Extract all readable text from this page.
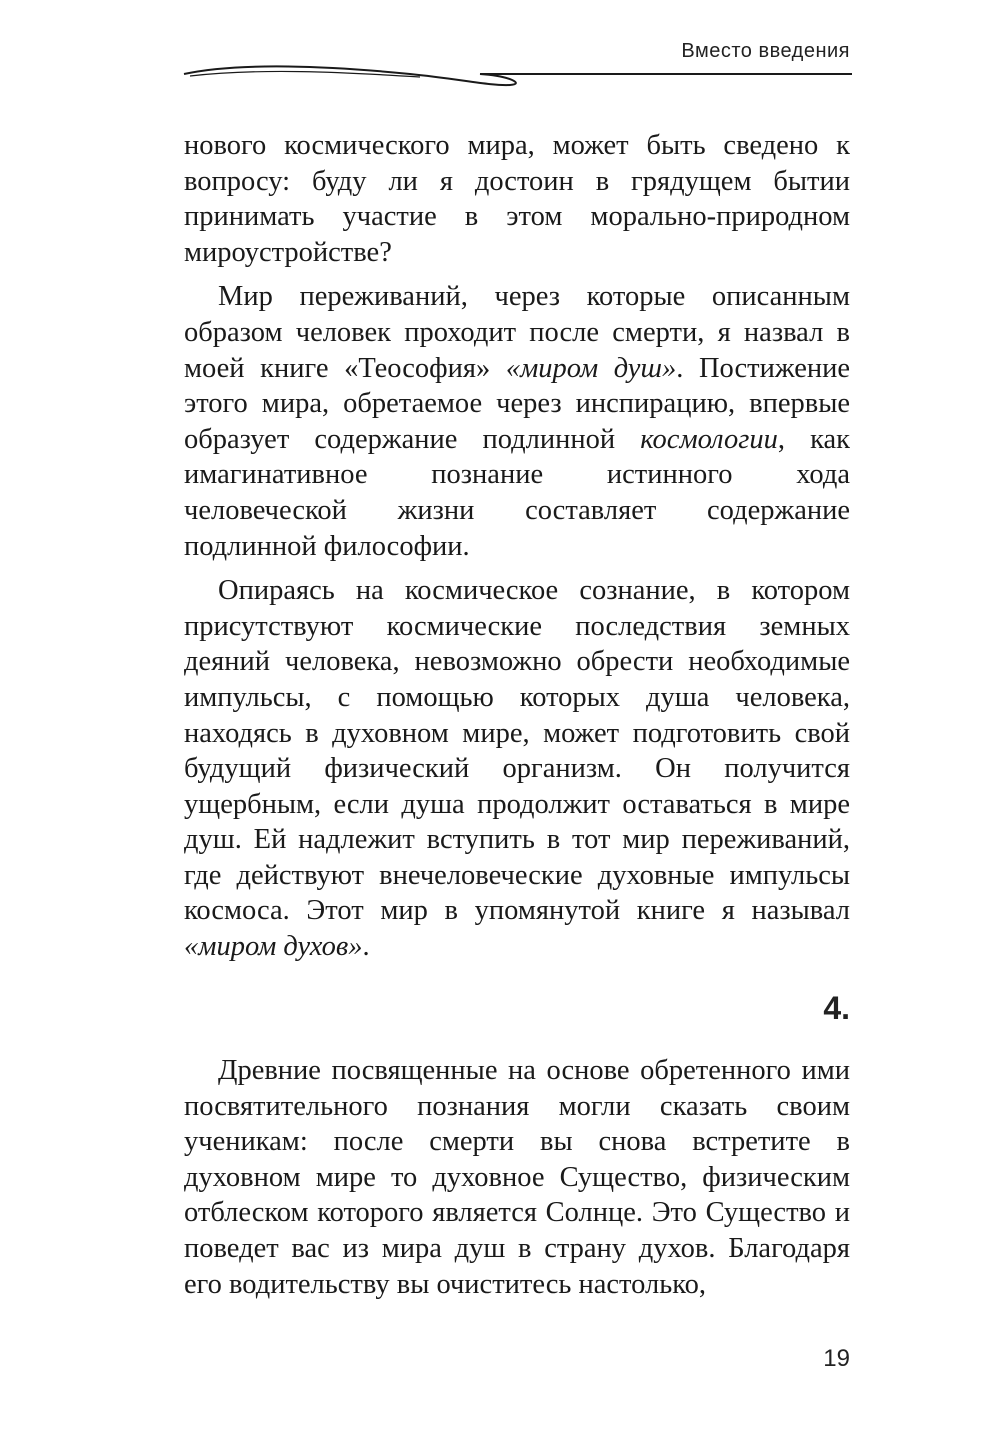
Вместо введения

нового космического мира, может быть сведено к вопросу: буду ли я достоин в грядущем бытии принимать участие в этом морально-природном мироустройстве?

Мир переживаний, через которые описанным образом человек проходит после смерти, я назвал в моей книге «Теософия» «миром душ». Постижение этого мира, обретаемое через инспирацию, впервые образует содержание подлинной космологии, как имагинативное познание истинного хода человеческой жизни составляет содержание подлинной философии.

Опираясь на космическое сознание, в котором присутствуют космические последствия земных деяний человека, невозможно обрести необходимые импульсы, с помощью которых душа человека, находясь в духовном мире, может подготовить свой будущий физический организм. Он получится ущербным, если душа продолжит оставаться в мире душ. Ей надлежит вступить в тот мир переживаний, где действуют внечеловеческие духовные импульсы космоса. Этот мир в упомянутой книге я называл «миром духов».

4.

Древние посвященные на основе обретенного ими посвятительного познания могли сказать своим ученикам: после смерти вы снова встретите в духовном мире то духовное Существо, физическим отблеском которого является Солнце. Это Существо и поведет вас из мира душ в страну духов. Благодаря его водительству вы очиститесь настолько,

19
